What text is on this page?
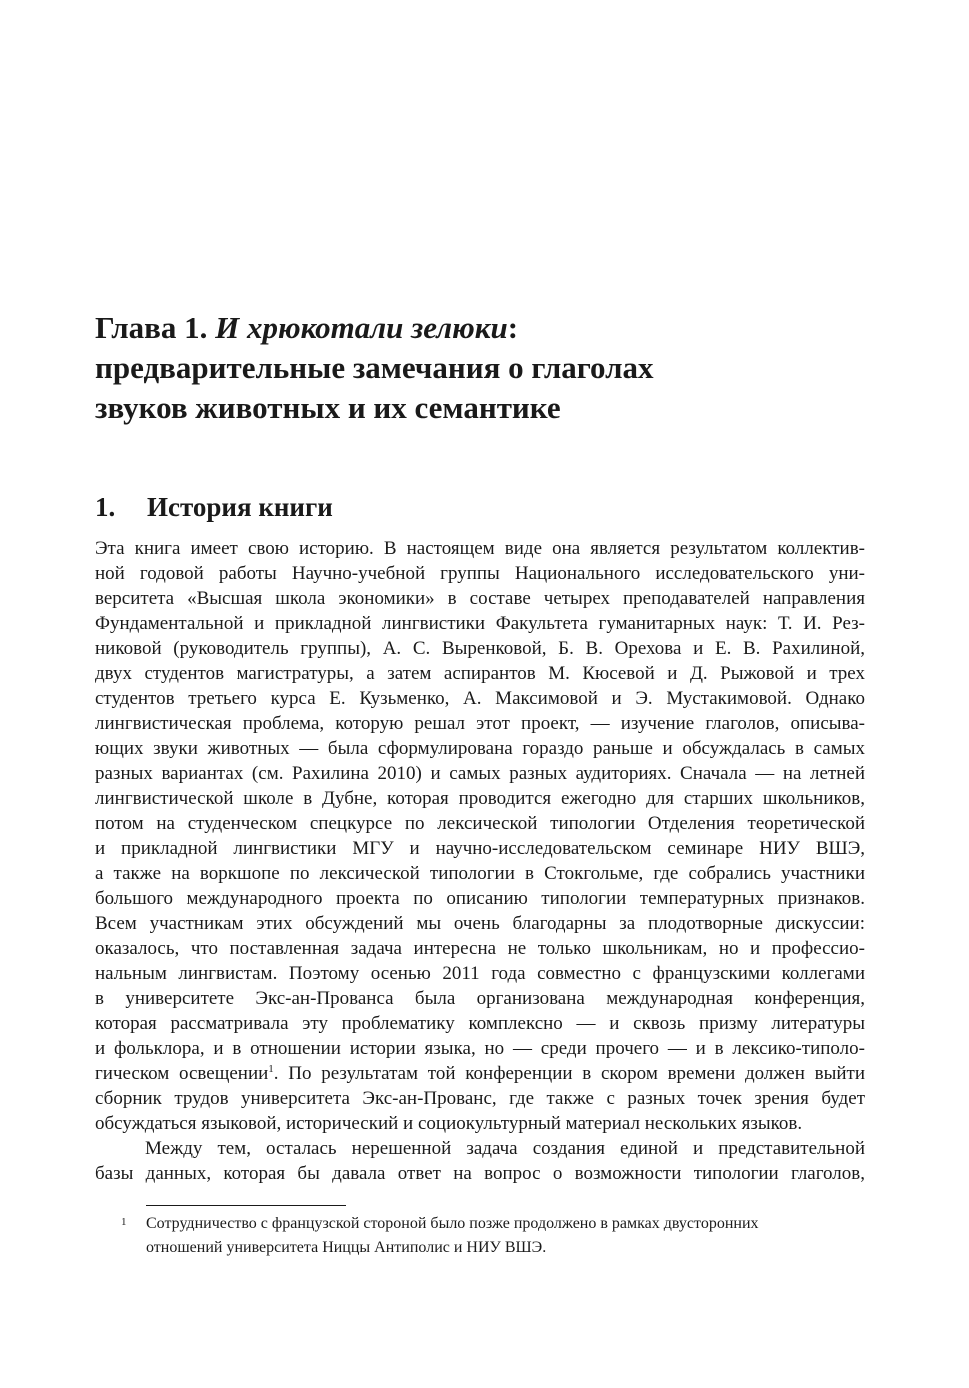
Глава 1. И хрюкотали зелюки:
предварительные замечания о глаголах
звуков животных и их семантике
1. История книги
Эта книга имеет свою историю. В настоящем виде она является результатом коллектив-
ной годовой работы Научно-учебной группы Национального исследовательского уни-
верситета «Высшая школа экономики» в составе четырех преподавателей направления
Фундаментальной и прикладной лингвистики Факультета гуманитарных наук: Т. И. Рез-
никовой (руководитель группы), А. С. Выренковой, Б. В. Орехова и Е. В. Рахилиной,
двух студентов магистратуры, а затем аспирантов М. Кюсевой и Д. Рыжовой и трех
студентов третьего курса Е. Кузьменко, А. Максимовой и Э. Мустакимовой. Однако
лингвистическая проблема, которую решал этот проект, — изучение глаголов, описыва-
ющих звуки животных — была сформулирована гораздо раньше и обсуждалась в самых
разных вариантах (см. Рахилина 2010) и самых разных аудиториях. Сначала — на летней
лингвистической школе в Дубне, которая проводится ежегодно для старших школьников,
потом на студенческом спецкурсе по лексической типологии Отделения теоретической
и прикладной лингвистики МГУ и научно-исследовательском семинаре НИУ ВШЭ,
а также на воркшопе по лексической типологии в Стокгольме, где собрались участники
большого международного проекта по описанию типологии температурных признаков.
Всем участникам этих обсуждений мы очень благодарны за плодотворные дискуссии:
оказалось, что поставленная задача интересна не только школьникам, но и профессио-
нальным лингвистам. Поэтому осенью 2011 года совместно с французскими коллегами
в университете Экс-ан-Прованса была организована международная конференция,
которая рассматривала эту проблематику комплексно — и сквозь призму литературы
и фольклора, и в отношении истории языка, но — среди прочего — и в лексико-типоло-
гическом освещении$^1$. По результатам той конференции в скором времени должен выйти
сборник трудов университета Экс-ан-Прованс, где также с разных точек зрения будет
обсуждаться языковой, исторический и социокультурный материал нескольких языков.
Между тем, осталась нерешенной задача создания единой и представительной
базы данных, которая бы давала ответ на вопрос о возможности типологии глаголов,
1 Сотрудничество с французской стороной было позже продолжено в рамках двусторонних
отношений университета Ниццы Антиполис и НИУ ВШЭ.
